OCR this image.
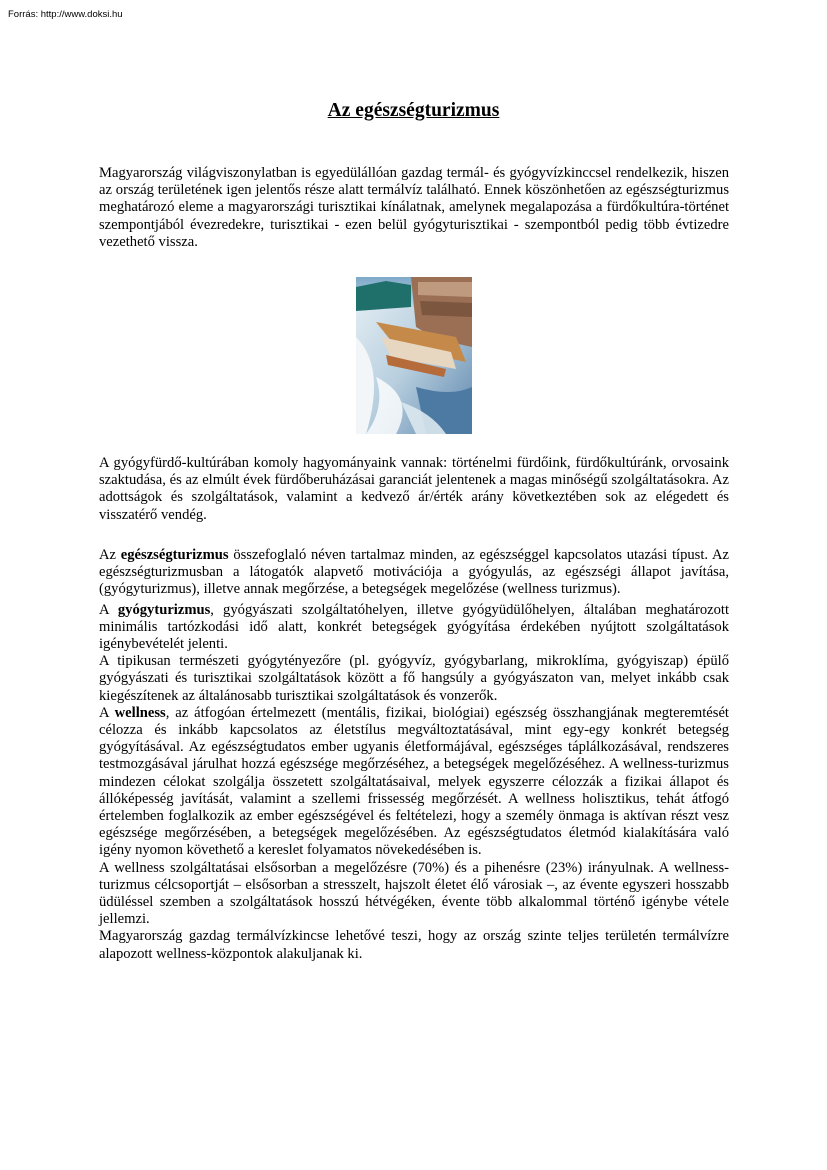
Forrás: http://www.doksi.hu
Az egészségturizmus

Magyarország világviszonylatban is egyedülállóan gazdag termál- és gyógyvízkinccsel rendelkezik, hiszen az ország területének igen jelentős része alatt termálvíz található. Ennek köszönhetően az egészségturizmus meghatározó eleme a magyarországi turisztikai kínálatnak, amelynek megalapozása a fürdőkultúra-történet szempontjából évezredekre, turisztikai - ezen belül gyógyturisztikai - szempontból pedig több évtizedre vezethető vissza.

A gyógyfürdő-kultúrában komoly hagyományaink vannak: történelmi fürdőink, fürdőkultúránk, orvosaink szaktudása, és az elmúlt évek fürdőberuházásai garanciát jelentenek a magas minőségű szolgáltatásokra. Az adottságok és szolgáltatások, valamint a kedvező ár/érték arány következtében sok az elégedett és visszatérő vendég.

Az egészségturizmus összefoglaló néven tartalmaz minden, az egészséggel kapcsolatos utazási típust. Az egészségturizmusban a látogatók alapvető motivációja a gyógyulás, az egészségi állapot javítása, (gyógyturizmus), illetve annak megőrzése, a betegségek megelőzése (wellness turizmus).

A gyógyturizmus, gyógyászati szolgáltatóhelyen, illetve gyógyüdülőhelyen, általában meghatározott minimális tartózkodási idő alatt, konkrét betegségek gyógyítása érdekében nyújtott szolgáltatások igénybevételét jelenti.

A tipikusan természeti gyógytényezőre (pl. gyógyvíz, gyógybarlang, mikroklíma, gyógyiszap) épülő gyógyászati és turisztikai szolgáltatások között a fő hangsúly a gyógyászaton van, melyet inkább csak kiegészítenek az általánosabb turisztikai szolgáltatások és vonzerők.

A wellness, az átfogóan értelmezett (mentális, fizikai, biológiai) egészség összhangjának megteremtését célozza és inkább kapcsolatos az életstílus megváltoztatásával, mint egy-egy konkrét betegség gyógyításával. Az egészségtudatos ember ugyanis életformájával, egészséges táplálkozásával, rendszeres testmozgásával járulhat hozzá egészsége megőrzéséhez, a betegségek megelőzéséhez. A wellness-turizmus mindezen célokat szolgálja összetett szolgáltatásaival, melyek egyszerre célozzák a fizikai állapot és állóképesség javítását, valamint a szellemi frissesség megőrzését. A wellness holisztikus, tehát átfogó értelemben foglalkozik az ember egészségével és feltételezi, hogy a személy önmaga is aktívan részt vesz egészsége megőrzésében, a betegségek megelőzésében. Az egészségtudatos életmód kialakítására való igény nyomon követhető a kereslet folyamatos növekedésében is.

A wellness szolgáltatásai elsősorban a megelőzésre (70%) és a pihenésre (23%) irányulnak. A wellness-turizmus célcsoportját – elsősorban a stresszelt, hajszolt életet élő városiak –, az évente egyszeri hosszabb üdüléssel szemben a szolgáltatások hosszú hétvégéken, évente több alkalommal történő igénybe vétele jellemzi.

Magyarország gazdag termálvízkincse lehetővé teszi, hogy az ország szinte teljes területén termálvízre alapozott wellness-központok alakuljanak ki.
